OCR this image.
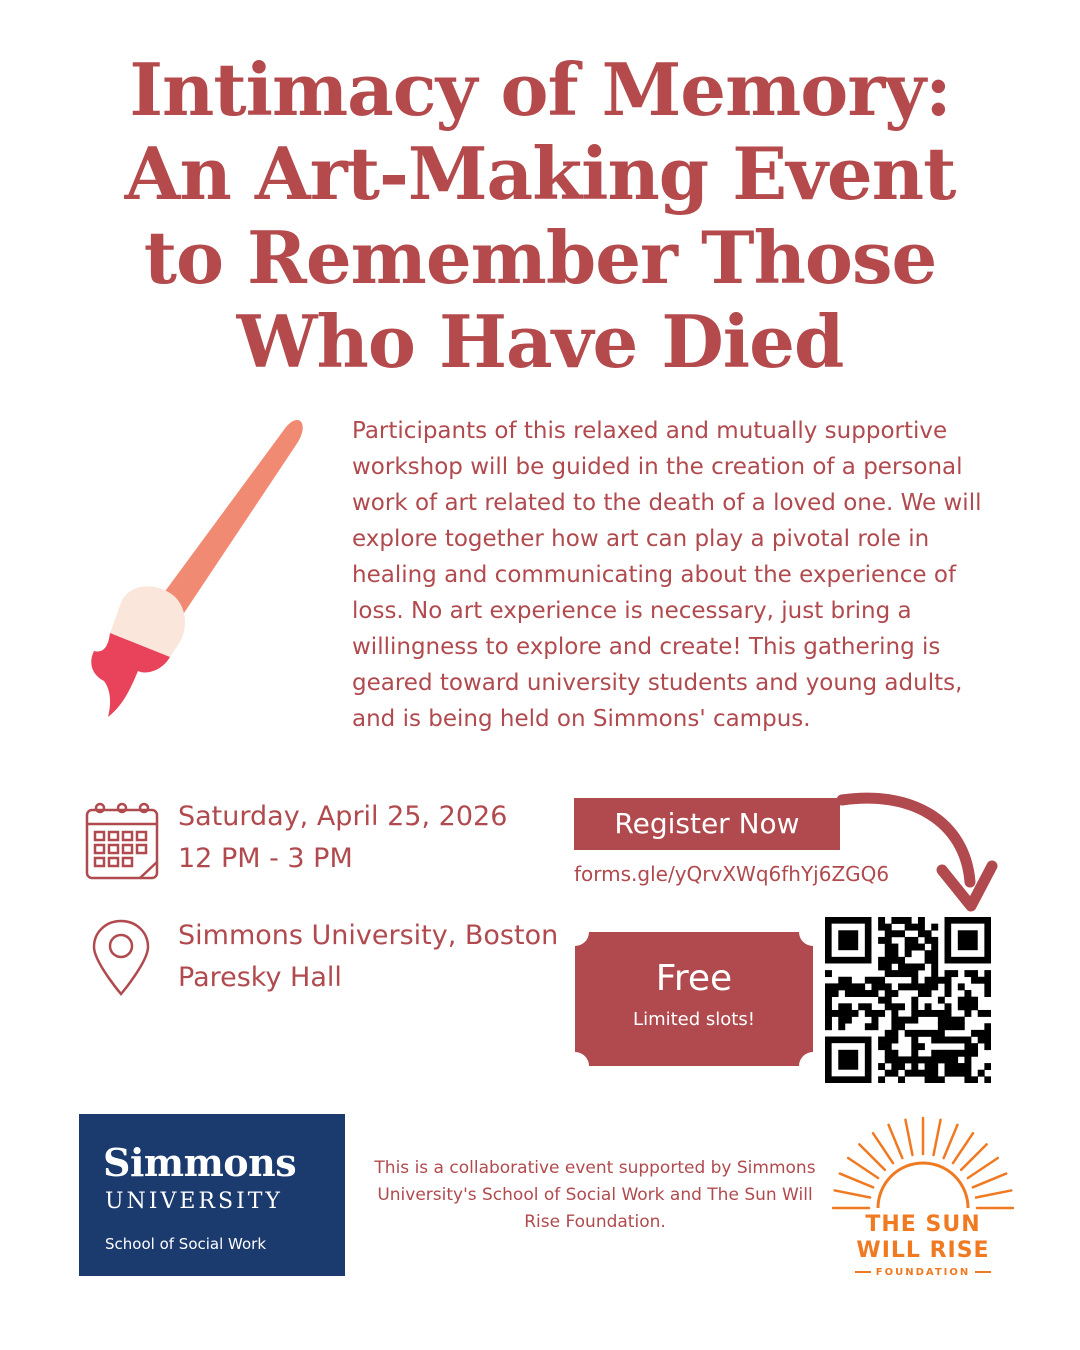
Intimacy of Memory:
An Art-Making Event
to Remember Those
Who Have Died

Participants of this relaxed and mutually supportive workshop will be guided in the creation of a personal work of art related to the death of a loved one. We will explore together how art can play a pivotal role in healing and communicating about the experience of loss. No art experience is necessary, just bring a willingness to explore and create! This gathering is geared toward university students and young adults, and is being held on Simmons' campus.

Saturday, April 25, 2026
12 PM - 3 PM
Simmons University, Boston
Paresky Hall
Register Now
forms.gle/yQrvXWq6fhYj6ZGQ6
Free
Limited slots!
Simmons
UNIVERSITY
School of Social Work
This is a collaborative event supported by Simmons University's School of Social Work and The Sun Will Rise Foundation.	THE SUN
WILL RISE
FOUNDATION
